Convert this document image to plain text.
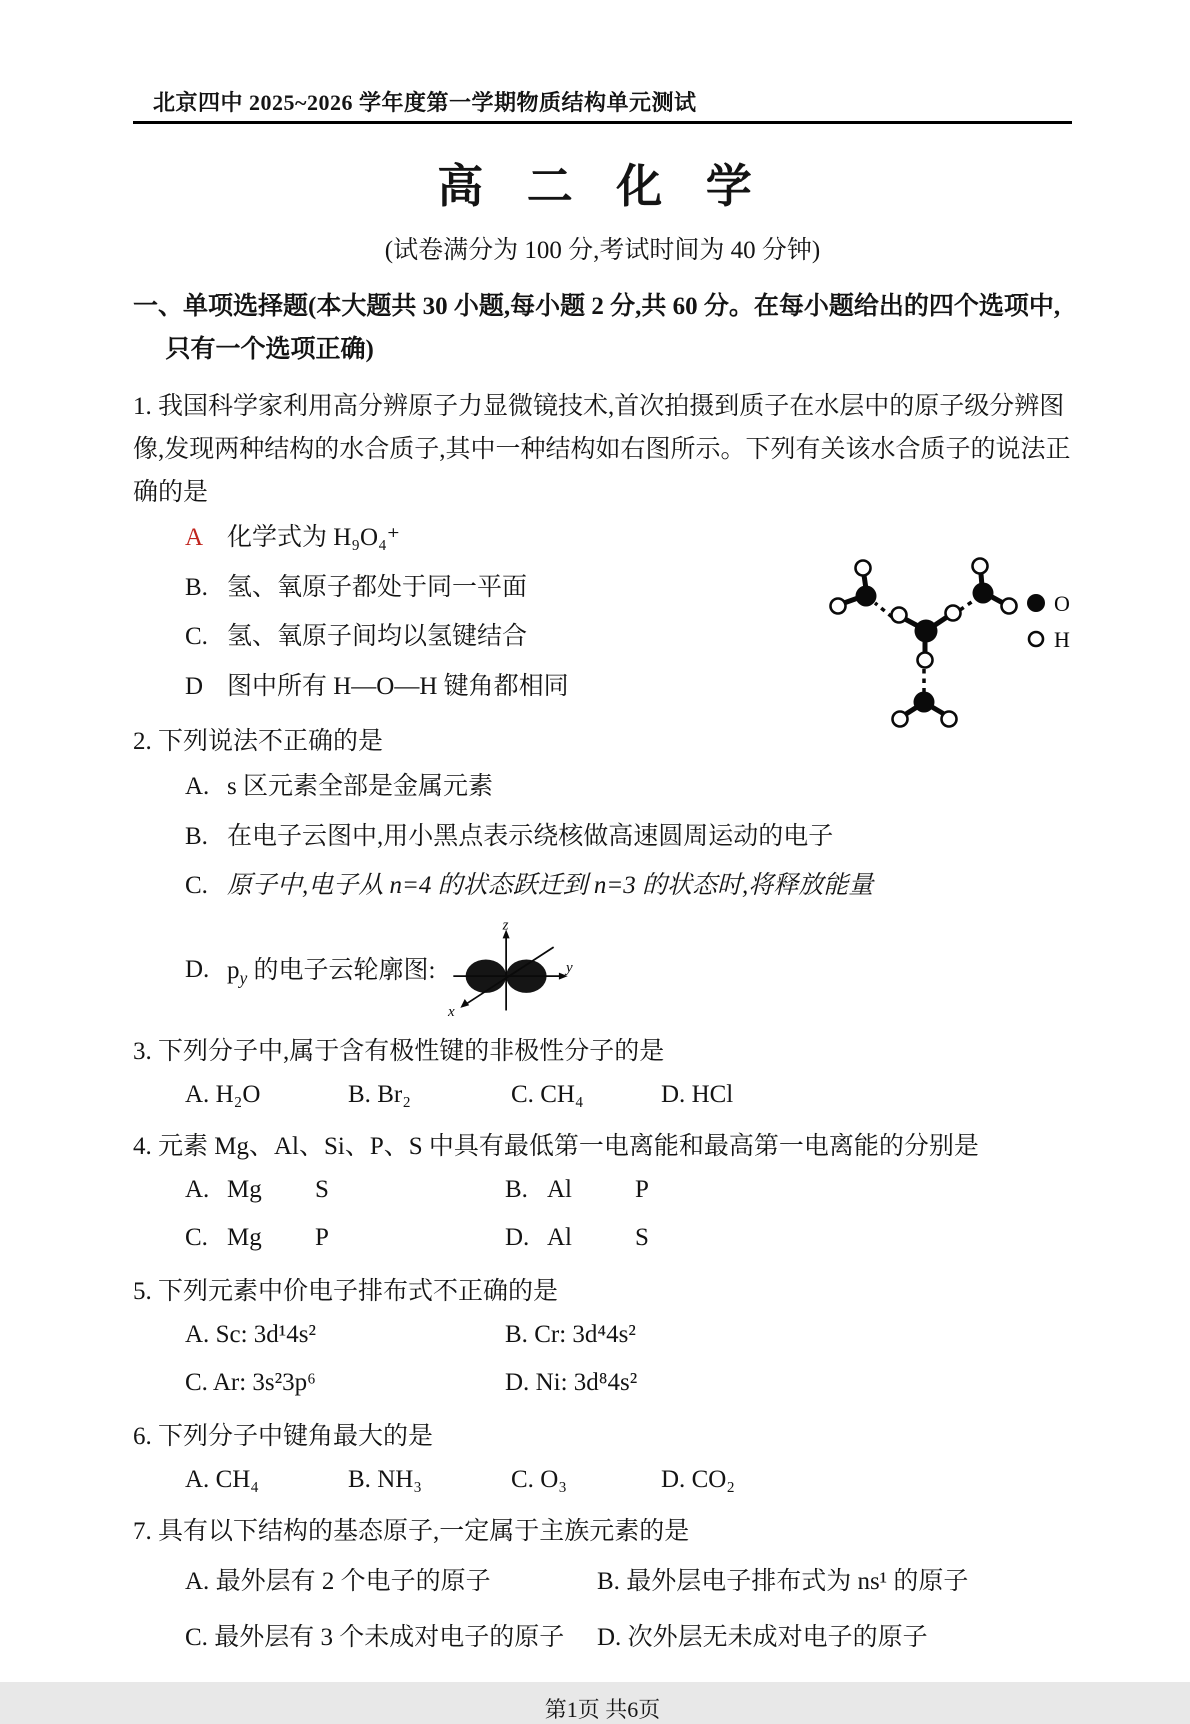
北京四中 2025~2026 学年度第一学期物质结构单元测试
高 二 化 学
(试卷满分为 100 分,考试时间为 40 分钟)
一、单项选择题(本大题共 30 小题,每小题 2 分,共 60 分。在每小题给出的四个选项中,只有一个选项正确)

1. 我国科学家利用高分辨原子力显微镜技术,首次拍摄到质子在水层中的原子级分辨图像,发现两种结构的水合质子,其中一种结构如右图所示。下列有关该水合质子的说法正确的是

A 化学式为 H₉O₄⁺
B. 氢、氧原子都处于同一平面
C. 氢、氧原子间均以氢键结合
D 图中所有 H—O—H 键角都相同
O
H

2. 下列说法不正确的是

A. s 区元素全部是金属元素
B. 在电子云图中,用小黑点表示绕核做高速圆周运动的电子
C. 原子中,电子从 n=4 的状态跃迁到 n=3 的状态时,将释放能量
D. $p_y$ 的电子云轮廓图:
z
y
x

3. 下列分子中,属于含有极性键的非极性分子的是

A. H₂O	B. Br₂	C. CH₄	D. HCl

4. 元素 Mg、Al、Si、P、S 中具有最低第一电离能和最高第一电离能的分别是

A. Mg S	B. Al	P
C. Mg P	D. Al	S

5. 下列元素中价电子排布式不正确的是

A. Sc: 3d¹4s²	B. Cr: 3d⁴4s²
C. Ar: 3s²3p⁶	D. Ni: 3d⁸4s²

6. 下列分子中键角最大的是

A. CH₄	B. NH₃	C. O₃	D. CO₂

7. 具有以下结构的基态原子,一定属于主族元素的是

A. 最外层有 2 个电子的原子	B. 最外层电子排布式为 ns¹ 的原子
C. 最外层有 3 个未成对电子的原子	D. 次外层无未成对电子的原子
第1页 共6页
